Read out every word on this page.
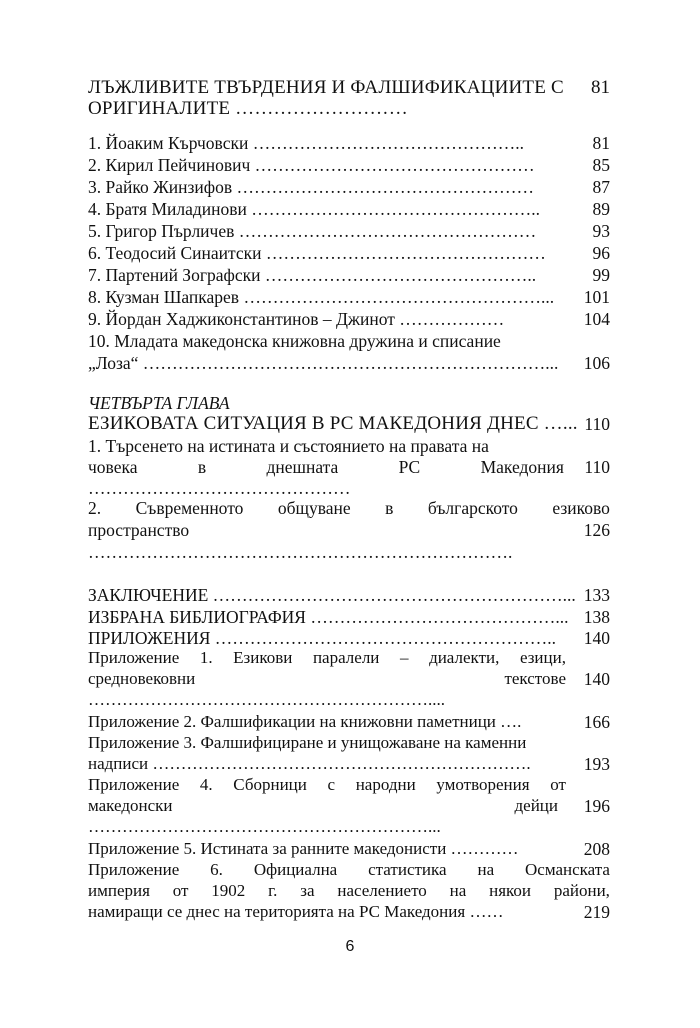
ЛЪЖЛИВИТЕ ТВЪРДЕНИЯ И ФАЛШИФИКАЦИИТЕ С	81
ОРИГИНАЛИТЕ ………………………
1. Йоаким Кърчовски ………………………………………..	81
2. Кирил Пейчинович …………………………………………	85
3. Райко Жинзифов ……………………………………………	87
4. Братя Миладинови …………………………………………..	89
5. Григор Пърличев ……………………………………………	93
6. Теодосий Синаитски …………………………………………	96
7. Партений Зографски ………………………………………..	99
8. Кузман Шапкарев ……………………………………………...	101
9. Йордан Хаджиконстантинов – Джинот ………………	104
10. Младата македонска книжовна дружина и списание
„Лоза“ ……………………………………………………………...	106
ЧЕТВЪРТА ГЛАВА
ЕЗИКОВАТА СИТУАЦИЯ В РС МАКЕДОНИЯ ДНЕС …... 110
1. Търсенето на истината и състоянието на правата на
човека	в	днешната	РС	Македония	110
………………………………………
2. Съвременното общуване в българското езиково
пространство	126
……………………………………………………………….
ЗАКЛЮЧЕНИЕ ……………………………………………………... 133
ИЗБРАНА БИБЛИОГРАФИЯ ……………………………………... 138
ПРИЛОЖЕНИЯ …………………………………………………..	140
Приложение 1. Езикови паралели – диалекти, езици,
средновековни	текстове	140
……………………………………………………....
Приложение 2. Фалшификации на книжовни паметници ….	166
Приложение 3. Фалшифициране и унищожаване на каменни
надписи ………………………………………………………….	193
Приложение 4. Сборници с народни умотворения от
македонски	дейци	196
……………………………………………………...
Приложение 5. Истината за ранните македонисти …………	208
Приложение 6. Официална статистика на Османската
империя от 1902 г. за населението на някои райони,
намиращи се днес на територията на РС Македония ……	219
6
